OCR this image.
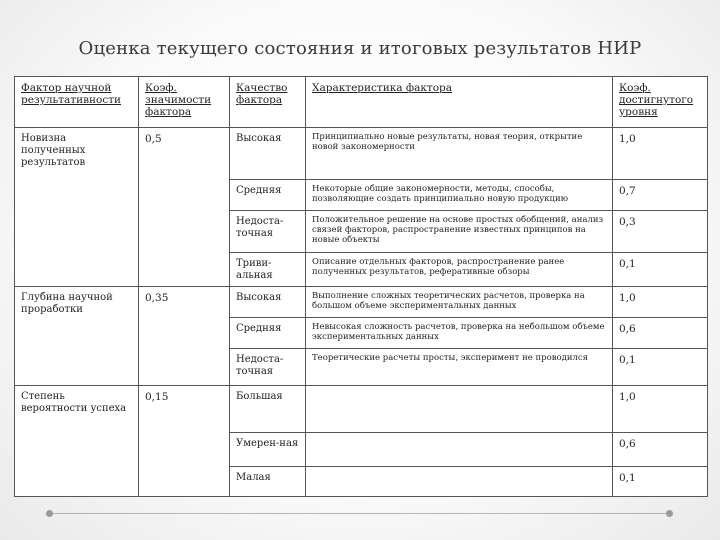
Оценка текущего состояния и итоговых результатов НИР
Фактор научной результативности	Коэф. значимости фактора	Качество фактора	Характеристика фактора	Коэф. достигнутого уровня
Новизна полученных результатов	0,5	Высокая	Принципиально новые результаты, новая теория, открытие новой закономерности	1,0
		Средняя	Некоторые общие закономерности, методы, способы, позволяющие создать принципиально новую продукцию	0,7
		Недоста-точная	Положительное решение на основе простых обобщений, анализ связей факторов, распространение известных принципов на новые объекты	0,3
		Триви-альная	Описание отдельных факторов, распространение ранее полученных результатов, реферативные обзоры	0,1
Глубина научной проработки	0,35	Высокая	Выполнение сложных теоретических расчетов, проверка на большом объеме экспериментальных данных	1,0
		Средняя	Невысокая сложность расчетов, проверка на небольшом объеме экспериментальных данных	0,6
		Недоста-точная	Теоретические расчеты просты, эксперимент не проводился	0,1
Степень вероятности успеха	0,15	Большая		1,0
		Умерен-ная		0,6
		Малая		0,1
